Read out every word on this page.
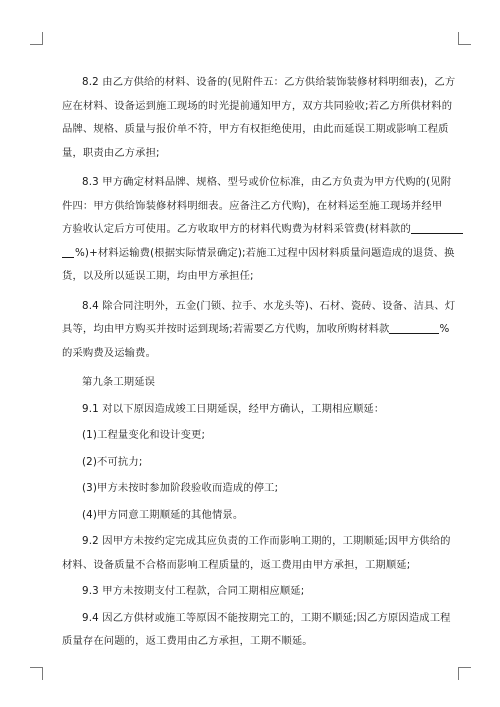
8.2 由乙方供给的材料、设备的(见附件五：乙方供给装饰装修材料明细表)，乙方

应在材料、设备运到施工现场的时光提前通知甲方，双方共同验收;若乙方所供材料的

品牌、规格、质量与报价单不符，甲方有权拒绝使用，由此而延误工期或影响工程质

量，职责由乙方承担;

8.3 甲方确定材料品牌、规格、型号或价位标准，由乙方负责为甲方代购的(见附

件四：甲方供给饰装修材料明细表。应备注乙方代购)，在材料运至施工现场并经甲

方验收认定后方可使用。乙方收取甲方的材料代购费为材料采管费(材料款的

%)+材料运输费(根据实际情景确定);若施工过程中因材料质量问题造成的退货、换

货，以及所以延误工期，均由甲方承担任;

8.4 除合同注明外，五金(门锁、拉手、水龙头等)、石材、瓷砖、设备、洁具、灯

具等，均由甲方购买并按时运到现场;若需要乙方代购，加收所购材料款	%

的采购费及运输费。

第九条工期延误

9.1 对以下原因造成竣工日期延误，经甲方确认，工期相应顺延：

(1)工程量变化和设计变更;

(2)不可抗力;

(3)甲方未按时参加阶段验收而造成的停工;

(4)甲方同意工期顺延的其他情景。

9.2 因甲方未按约定完成其应负责的工作而影响工期的，工期顺延;因甲方供给的

材料、设备质量不合格而影响工程质量的，返工费用由甲方承担，工期顺延;

9.3 甲方未按期支付工程款，合同工期相应顺延;

9.4 因乙方供材或施工等原因不能按期完工的，工期不顺延;因乙方原因造成工程

质量存在问题的，返工费用由乙方承担，工期不顺延。
